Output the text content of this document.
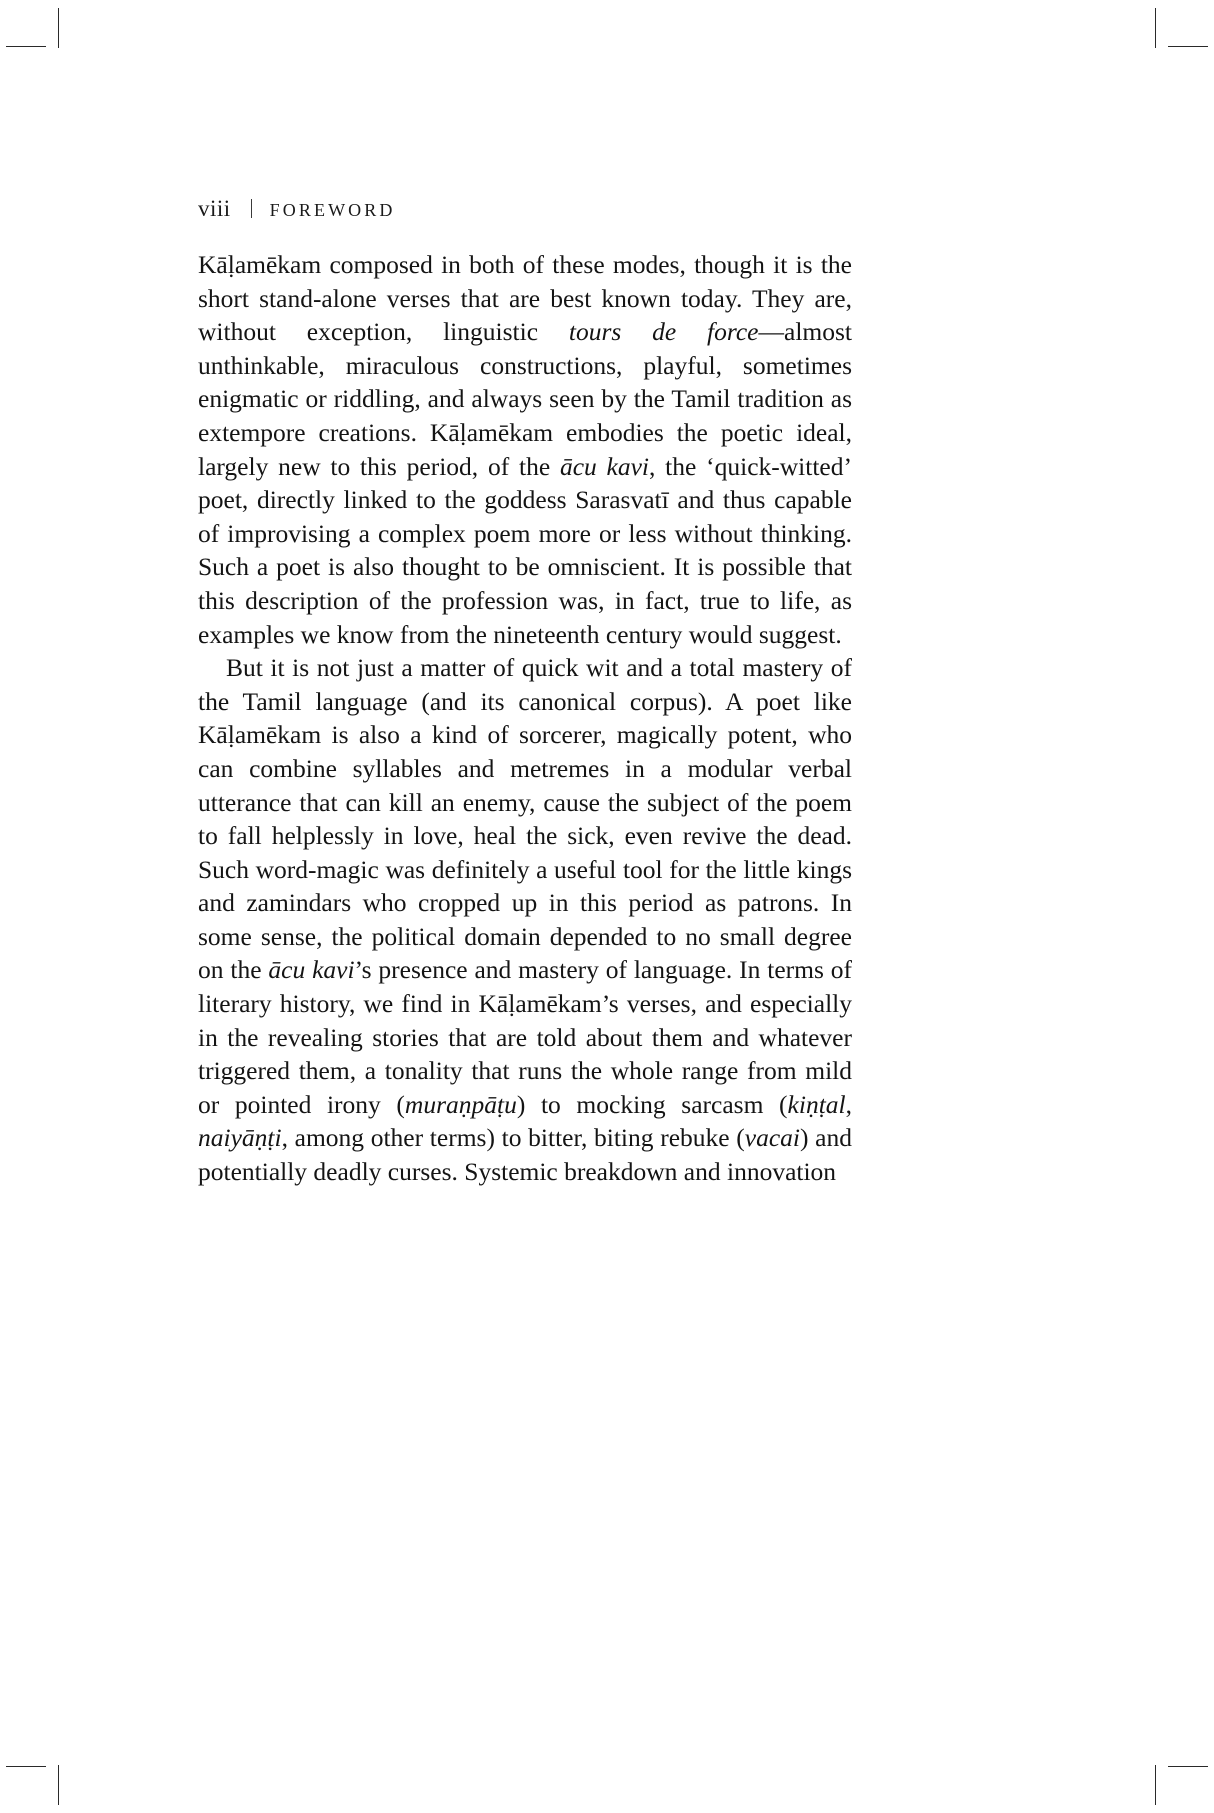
viii FOREWORD

Kāḷamēkam composed in both of these modes, though it is the short stand-alone verses that are best known today. They are, without exception, linguistic tours de force—almost unthinkable, miraculous constructions, playful, sometimes enigmatic or riddling, and always seen by the Tamil tradition as extempore creations. Kāḷamēkam embodies the poetic ideal, largely new to this period, of the ācu kavi, the ‘quick-witted’ poet, directly linked to the goddess Sarasvatī and thus capable of improvising a complex poem more or less without thinking. Such a poet is also thought to be omniscient. It is possible that this description of the profession was, in fact, true to life, as examples we know from the nineteenth century would suggest.

But it is not just a matter of quick wit and a total mastery of the Tamil language (and its canonical corpus). A poet like Kāḷamēkam is also a kind of sorcerer, magically potent, who can combine syllables and metremes in a modular verbal utterance that can kill an enemy, cause the subject of the poem to fall helplessly in love, heal the sick, even revive the dead. Such word-magic was definitely a useful tool for the little kings and zamindars who cropped up in this period as patrons. In some sense, the political domain depended to no small degree on the ācu kavi’s presence and mastery of language. In terms of literary history, we find in Kāḷamēkam’s verses, and especially in the revealing stories that are told about them and whatever triggered them, a tonality that runs the whole range from mild or pointed irony (muraṇpāṭu) to mocking sarcasm (kiṇṭal, naiyāṇṭi, among other terms) to bitter, biting rebuke (vacai) and potentially deadly curses. Systemic breakdown and innovation
